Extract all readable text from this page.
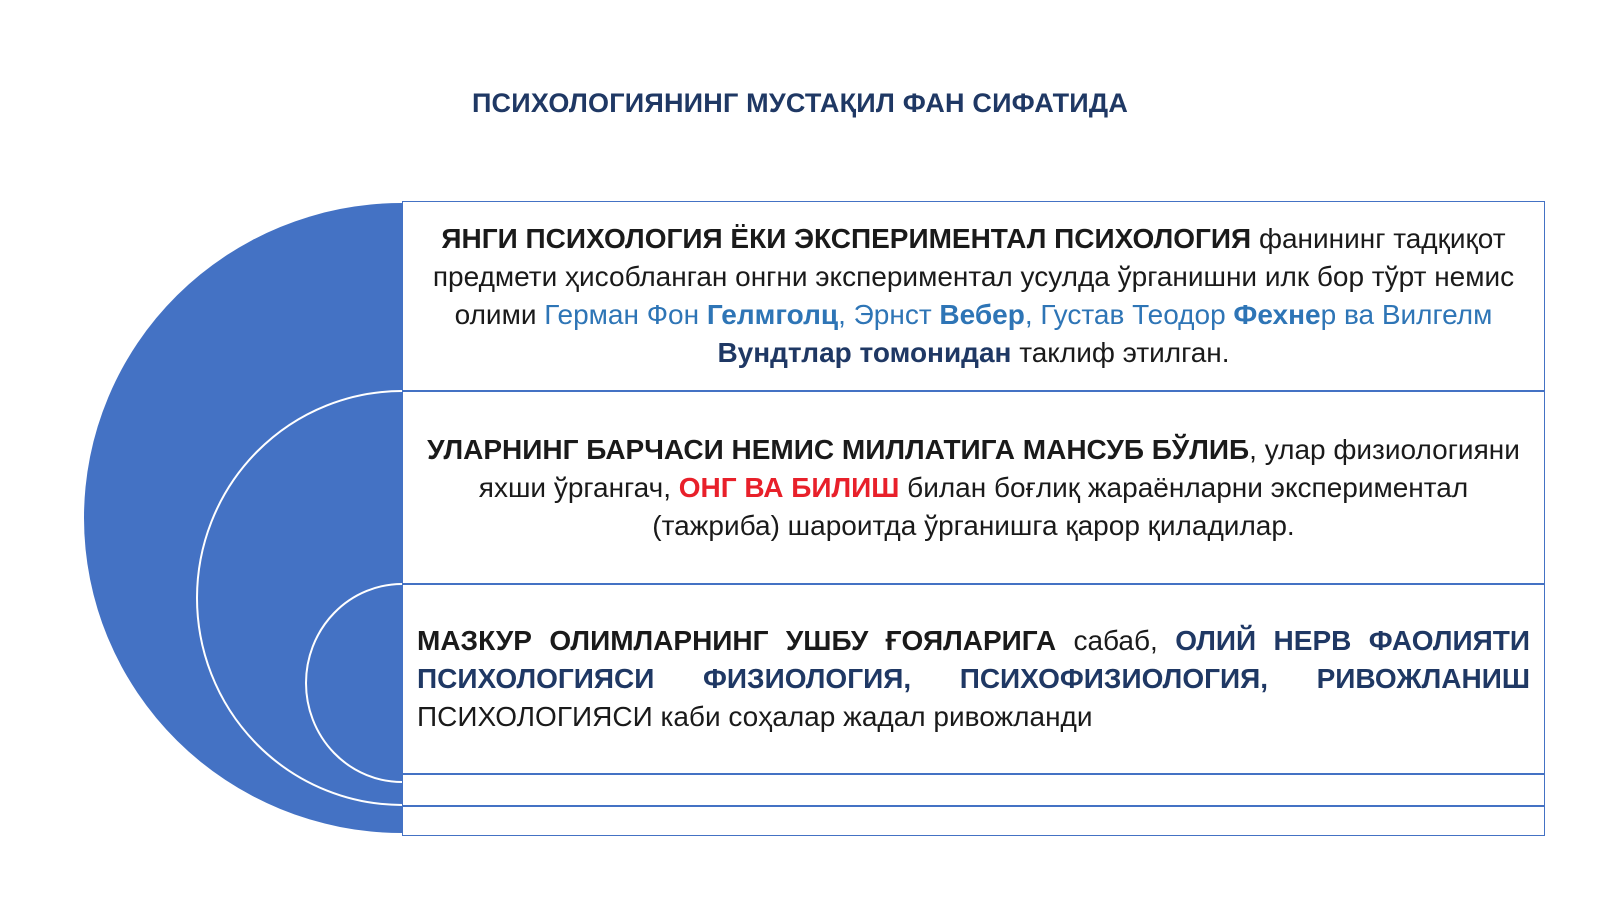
ПСИХОЛОГИЯНИНГ МУСТАҚИЛ ФАН СИФАТИДА
ЯНГИ ПСИХОЛОГИЯ ЁКИ ЭКСПЕРИМЕНТАЛ ПСИХОЛОГИЯ фанининг тадқиқот предмети ҳисобланган онгни экспериментал усулда ўрганишни илк бор тўрт немис олими Герман Фон Гелмголц, Эрнст Вебер, Густав Теодор Фехнер ва Вилгелм Вундтлар томонидан таклиф этилган.
УЛАРНИНГ БАРЧАСИ НЕМИС МИЛЛАТИГА МАНСУБ БЎЛИБ, улар физиологияни яхши ўргангач, ОНГ ВА БИЛИШ билан боғлиқ жараёнларни экспериментал (тажриба) шароитда ўрганишга қарор қиладилар.
МАЗКУР ОЛИМЛАРНИНГ УШБУ ҒОЯЛАРИГА сабаб, ОЛИЙ НЕРВ ФАОЛИЯТИ ПСИХОЛОГИЯСИ ФИЗИОЛОГИЯ, ПСИХОФИЗИОЛОГИЯ, РИВОЖЛАНИШ ПСИХОЛОГИЯСИ каби соҳалар жадал ривожланди
